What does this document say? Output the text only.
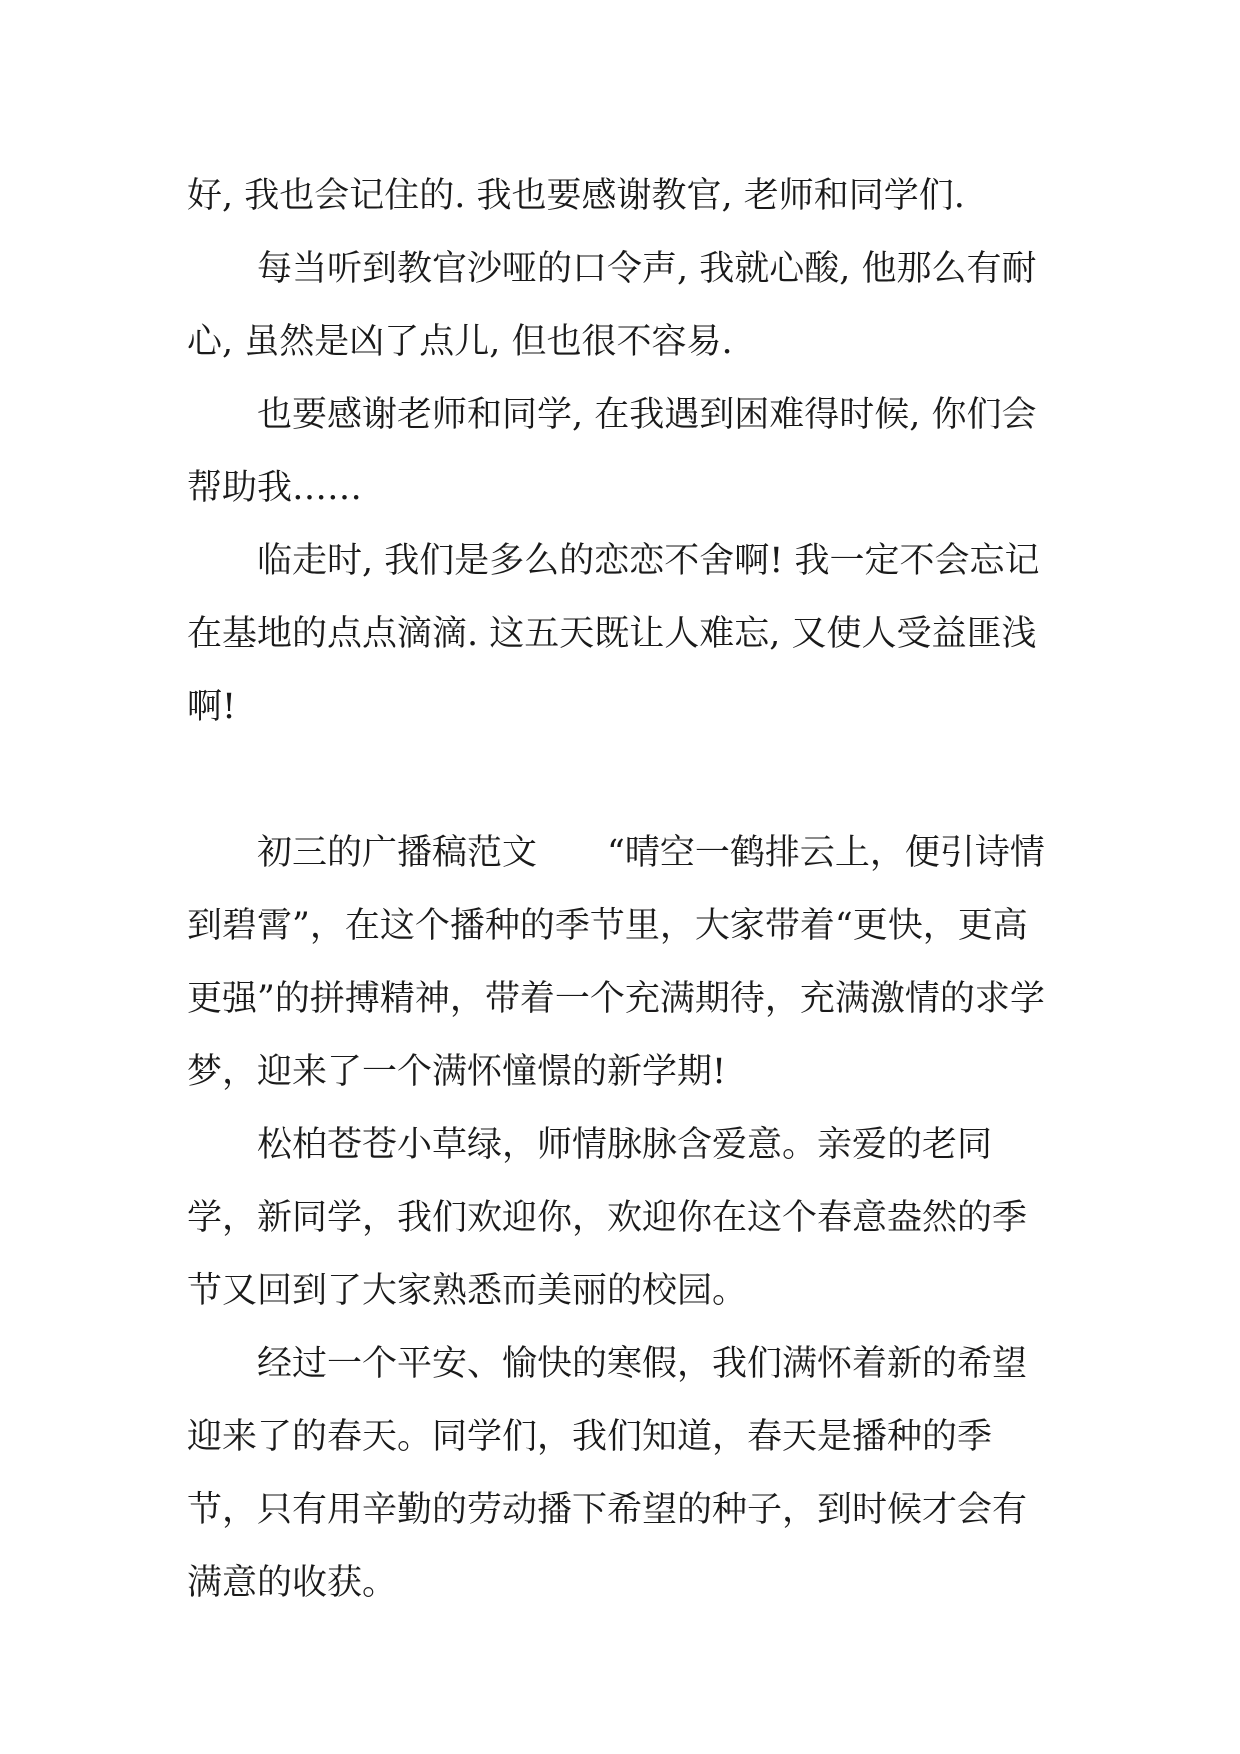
好, 我也会记住的. 我也要感谢教官, 老师和同学们.

每当听到教官沙哑的口令声, 我就心酸, 他那么有耐心, 虽然是凶了点儿, 但也很不容易.

也要感谢老师和同学, 在我遇到困难得时候, 你们会帮助我……

临走时, 我们是多么的恋恋不舍啊! 我一定不会忘记在基地的点点滴滴. 这五天既让人难忘, 又使人受益匪浅啊!

初三的广播稿范文　　“晴空一鹤排云上，便引诗情到碧霄”，在这个播种的季节里，大家带着“更快，更高更强”的拼搏精神，带着一个充满期待，充满激情的求学梦，迎来了一个满怀憧憬的新学期!

松柏苍苍小草绿，师情脉脉含爱意。亲爱的老同学，新同学，我们欢迎你，欢迎你在这个春意盎然的季节又回到了大家熟悉而美丽的校园。

经过一个平安、愉快的寒假，我们满怀着新的希望迎来了的春天。同学们，我们知道，春天是播种的季节，只有用辛勤的劳动播下希望的种子，到时候才会有满意的收获。
